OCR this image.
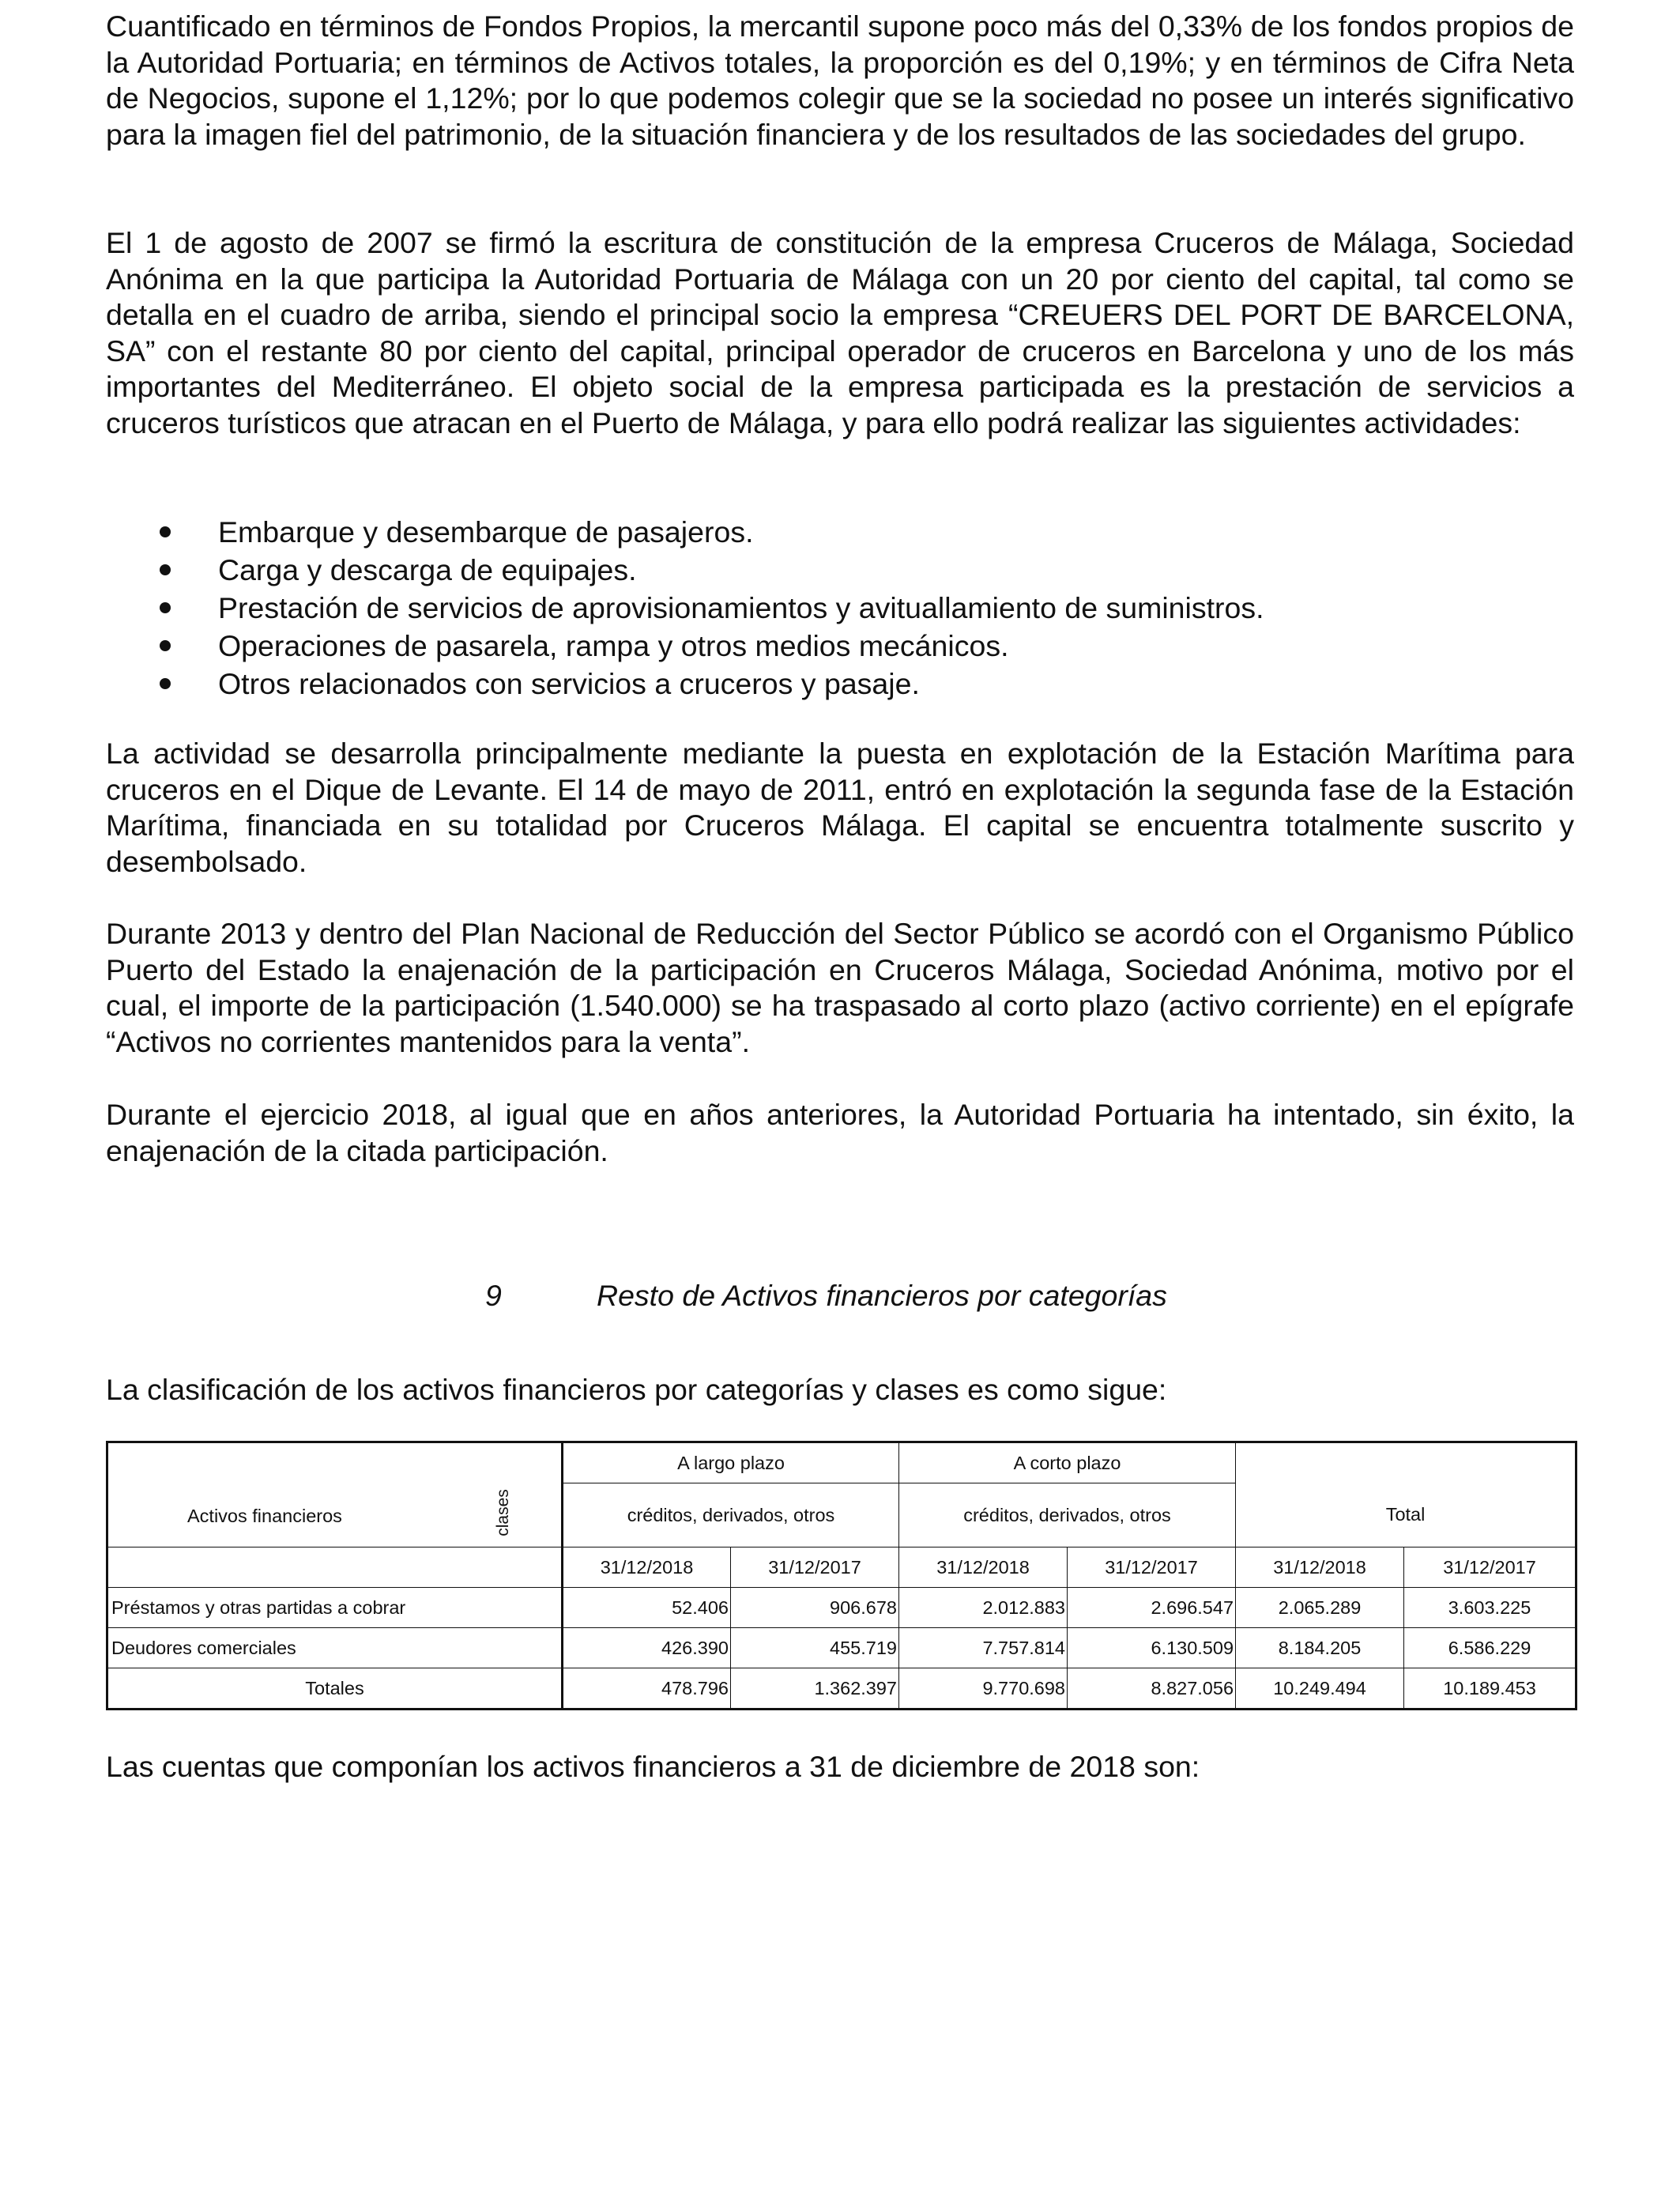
Cuantificado en términos de Fondos Propios, la mercantil supone poco más del 0,33% de los fondos propios de la Autoridad Portuaria; en términos de Activos totales, la proporción es del 0,19%; y en términos de Cifra Neta de Negocios, supone el 1,12%; por lo que podemos colegir que se la sociedad no posee un interés significativo para la imagen fiel del patrimonio, de la situación financiera y de los resultados de las sociedades del grupo.

El 1 de agosto de 2007 se firmó la escritura de constitución de la empresa Cruceros de Málaga, Sociedad Anónima en la que participa la Autoridad Portuaria de Málaga con un 20 por ciento del capital, tal como se detalla en el cuadro de arriba, siendo el principal socio la empresa “CREUERS DEL PORT DE BARCELONA, SA” con el restante 80 por ciento del capital, principal operador de cruceros en Barcelona y uno de los más importantes del Mediterráneo. El objeto social de la empresa participada es la prestación de servicios a cruceros turísticos que atracan en el Puerto de Málaga, y para ello podrá realizar las siguientes actividades:

Embarque y desembarque de pasajeros.
Carga y descarga de equipajes.
Prestación de servicios de aprovisionamientos y avituallamiento de suministros.
Operaciones de pasarela, rampa y otros medios mecánicos.
Otros relacionados con servicios a cruceros y pasaje.

La actividad se desarrolla principalmente mediante la puesta en explotación de la Estación Marítima para cruceros en el Dique de Levante. El 14 de mayo de 2011, entró en explotación la segunda fase de la Estación Marítima, financiada en su totalidad por Cruceros Málaga. El capital se encuentra totalmente suscrito y desembolsado.

Durante 2013 y dentro del Plan Nacional de Reducción del Sector Público se acordó con el Organismo Público Puerto del Estado la enajenación de la participación en Cruceros Málaga, Sociedad Anónima, motivo por el cual, el importe de la participación (1.540.000) se ha traspasado al corto plazo (activo corriente) en el epígrafe “Activos no corrientes mantenidos para la venta”.

Durante el ejercicio 2018, al igual que en años anteriores, la Autoridad Portuaria ha intentado, sin éxito, la enajenación de la citada participación.

9	Resto de Activos financieros por categorías

La clasificación de los activos financieros por categorías y clases es como sigue:

	A largo plazo		A corto plazo			

Activos financieros clases	créditos, derivados, otros		créditos, derivados, otros		Total	
	31/12/2018	31/12/2017	31/12/2018	31/12/2017	31/12/2018	31/12/2017
Préstamos y otras partidas a cobrar	52.406	906.678	2.012.883	2.696.547	2.065.289	3.603.225
Deudores comerciales	426.390	455.719	7.757.814	6.130.509	8.184.205	6.586.229
Totales	478.796	1.362.397	9.770.698	8.827.056	10.249.494	10.189.453

Las cuentas que componían los activos financieros a 31 de diciembre de 2018 son:
